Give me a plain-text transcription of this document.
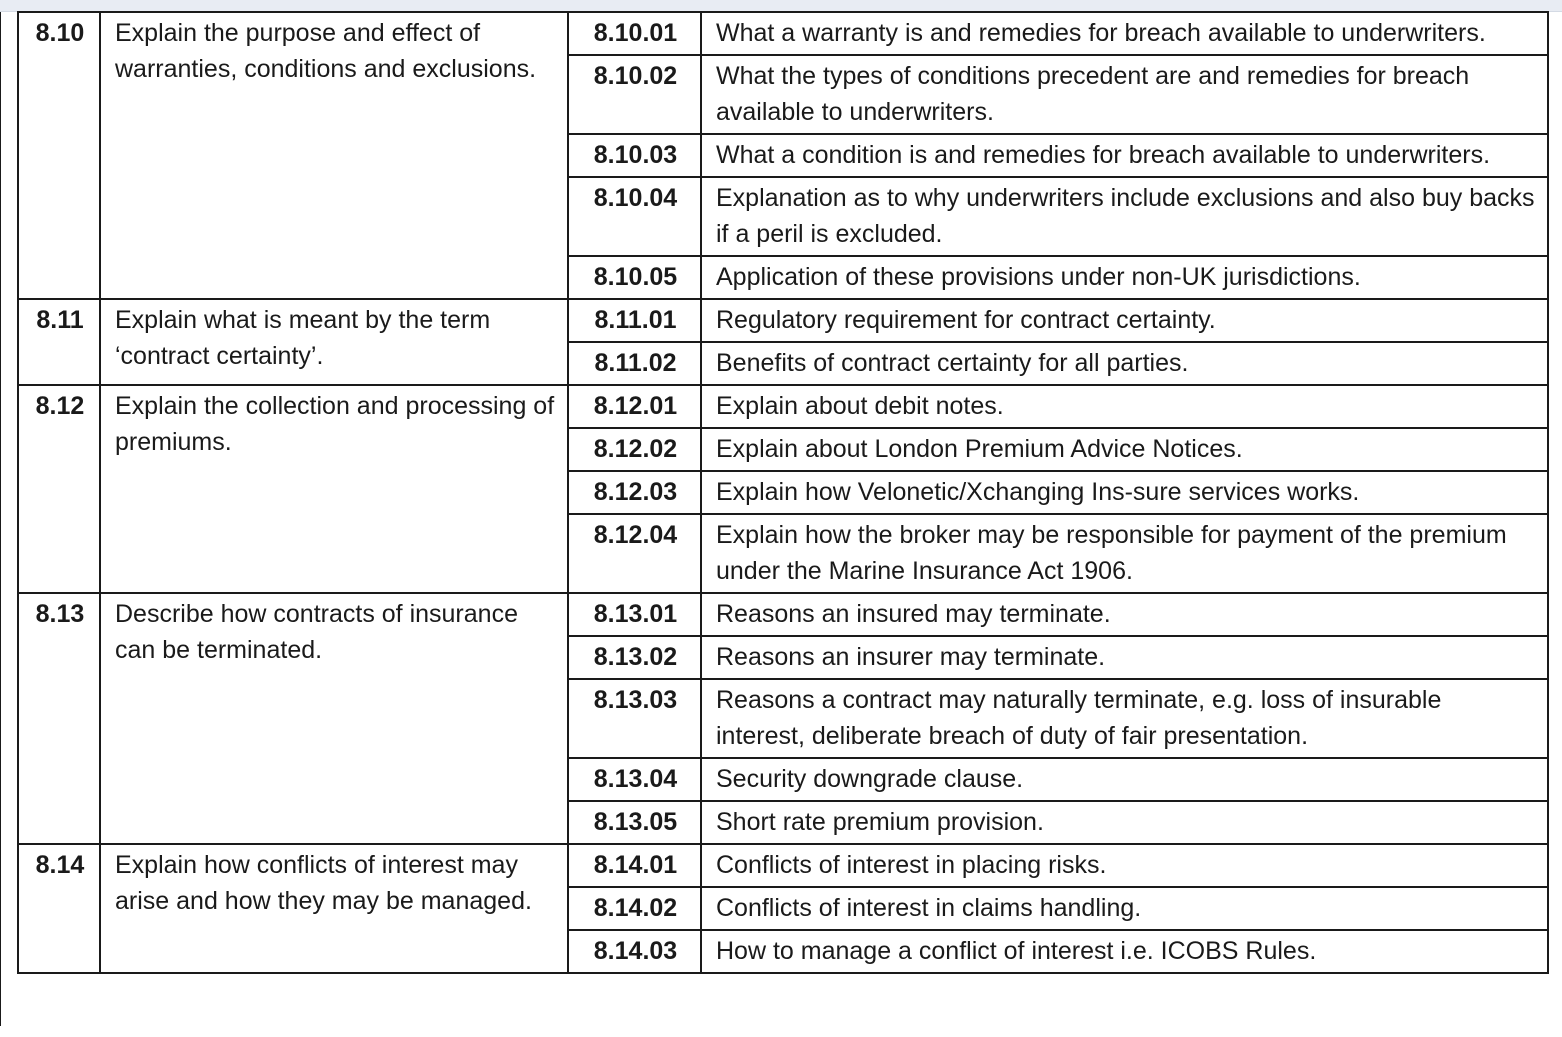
8.10	Explain the purpose and effect of warranties, conditions and exclusions.	8.10.01	What a warranty is and remedies for breach available to underwriters.
		8.10.02	What the types of conditions precedent are and remedies for breach available to underwriters.
		8.10.03	What a condition is and remedies for breach available to underwriters.
		8.10.04	Explanation as to why underwriters include exclusions and also buy backs if a peril is excluded.
		8.10.05	Application of these provisions under non-UK jurisdictions.
8.11	Explain what is meant by the term ‘contract certainty’.	8.11.01	Regulatory requirement for contract certainty.
		8.11.02	Benefits of contract certainty for all parties.
8.12	Explain the collection and processing of premiums.	8.12.01	Explain about debit notes.
		8.12.02	Explain about London Premium Advice Notices.
		8.12.03	Explain how Velonetic/Xchanging Ins-sure services works.
		8.12.04	Explain how the broker may be responsible for payment of the premium under the Marine Insurance Act 1906.
8.13	Describe how contracts of insurance can be terminated.	8.13.01	Reasons an insured may terminate.
		8.13.02	Reasons an insurer may terminate.
		8.13.03	Reasons a contract may naturally terminate, e.g. loss of insurable interest, deliberate breach of duty of fair presentation.
		8.13.04	Security downgrade clause.
		8.13.05	Short rate premium provision.
8.14	Explain how conflicts of interest may arise and how they may be managed.	8.14.01	Conflicts of interest in placing risks.
		8.14.02	Conflicts of interest in claims handling.
		8.14.03	How to manage a conflict of interest i.e. ICOBS Rules.
